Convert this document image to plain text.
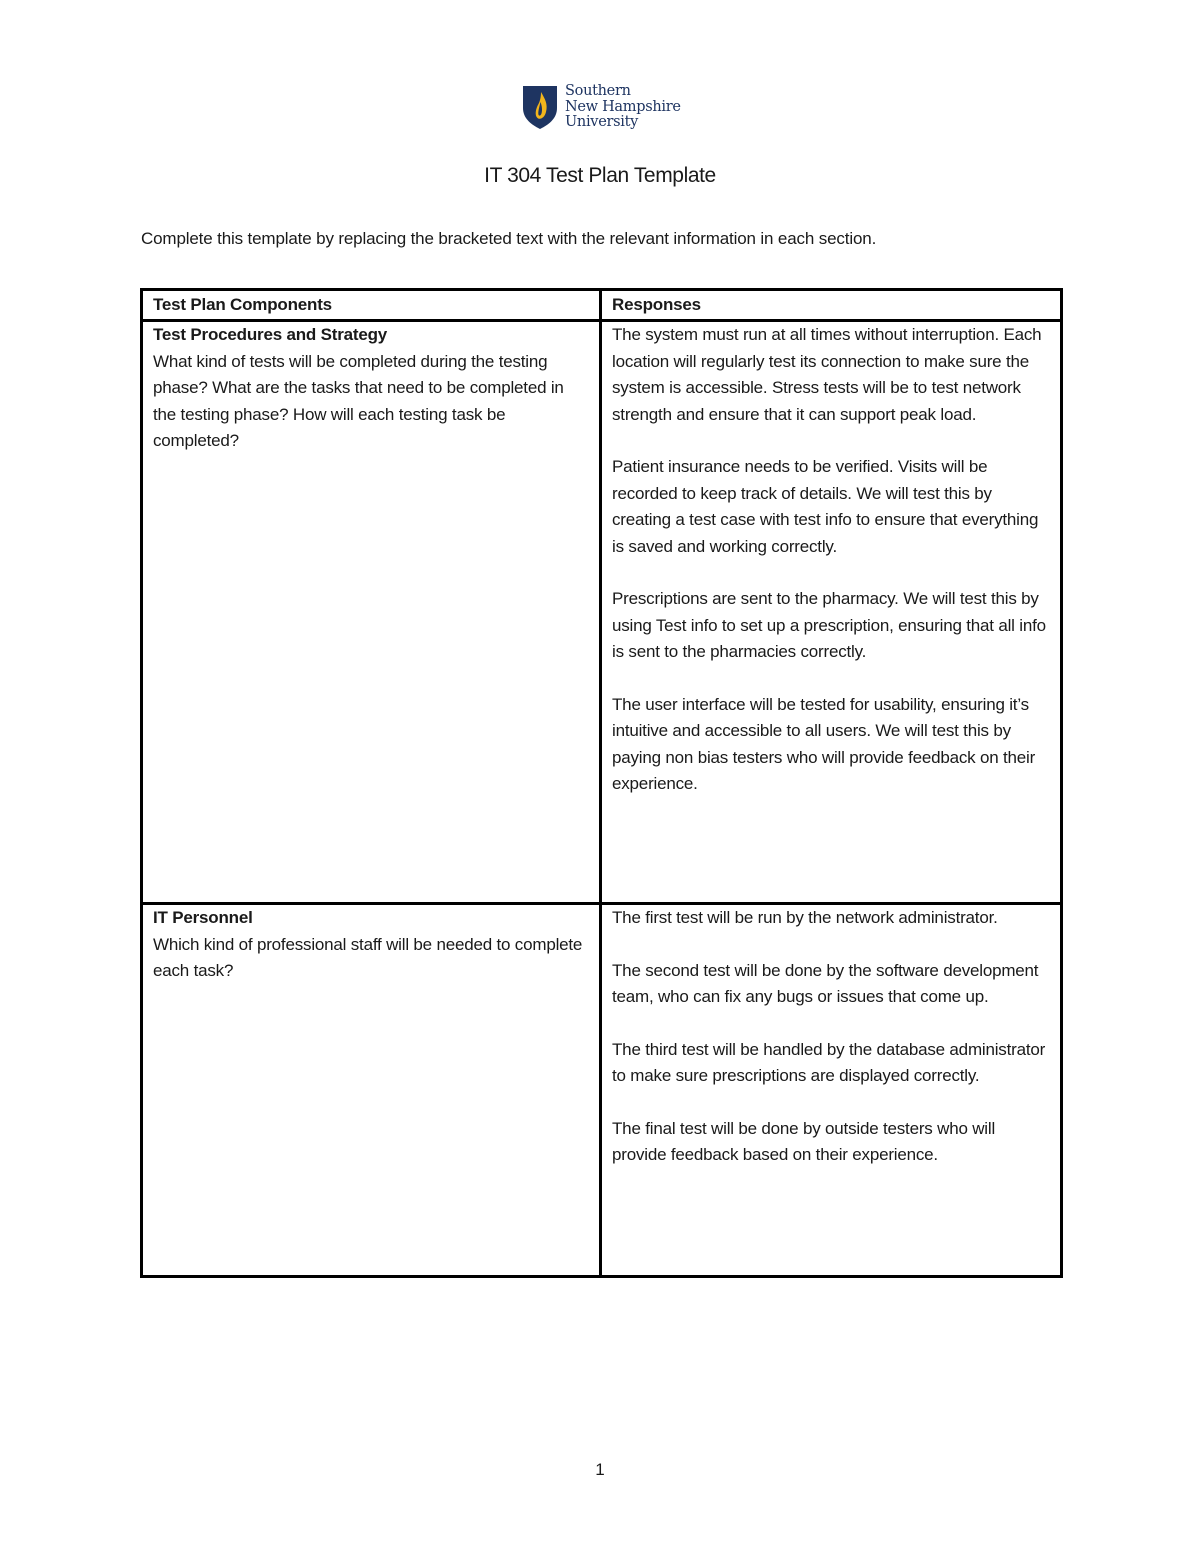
Southern
New Hampshire
University
IT 304 Test Plan Template
Complete this template by replacing the bracketed text with the relevant information in each section.
Test Plan Components	Responses

Test Procedures and Strategy
What kind of tests will be completed during the testing phase? What are the tasks that need to be completed in the testing phase? How will each testing task be completed?	The system must run at all times without interruption. Each location will regularly test its connection to make sure the system is accessible. Stress tests will be to test network strength and ensure that it can support peak load.
Patient insurance needs to be verified. Visits will be recorded to keep track of details. We will test this by creating a test case with test info to ensure that everything is saved and working correctly.
Prescriptions are sent to the pharmacy. We will test this by using Test info to set up a prescription, ensuring that all info is sent to the pharmacies correctly.
The user interface will be tested for usability, ensuring it’s intuitive and accessible to all users. We will test this by paying non bias testers who will provide feedback on their experience.

IT Personnel
Which kind of professional staff will be needed to complete each task?	The first test will be run by the network administrator.
The second test will be done by the software development team, who can fix any bugs or issues that come up.
The third test will be handled by the database administrator to make sure prescriptions are displayed correctly.
The final test will be done by outside testers who will provide feedback based on their experience.
1
